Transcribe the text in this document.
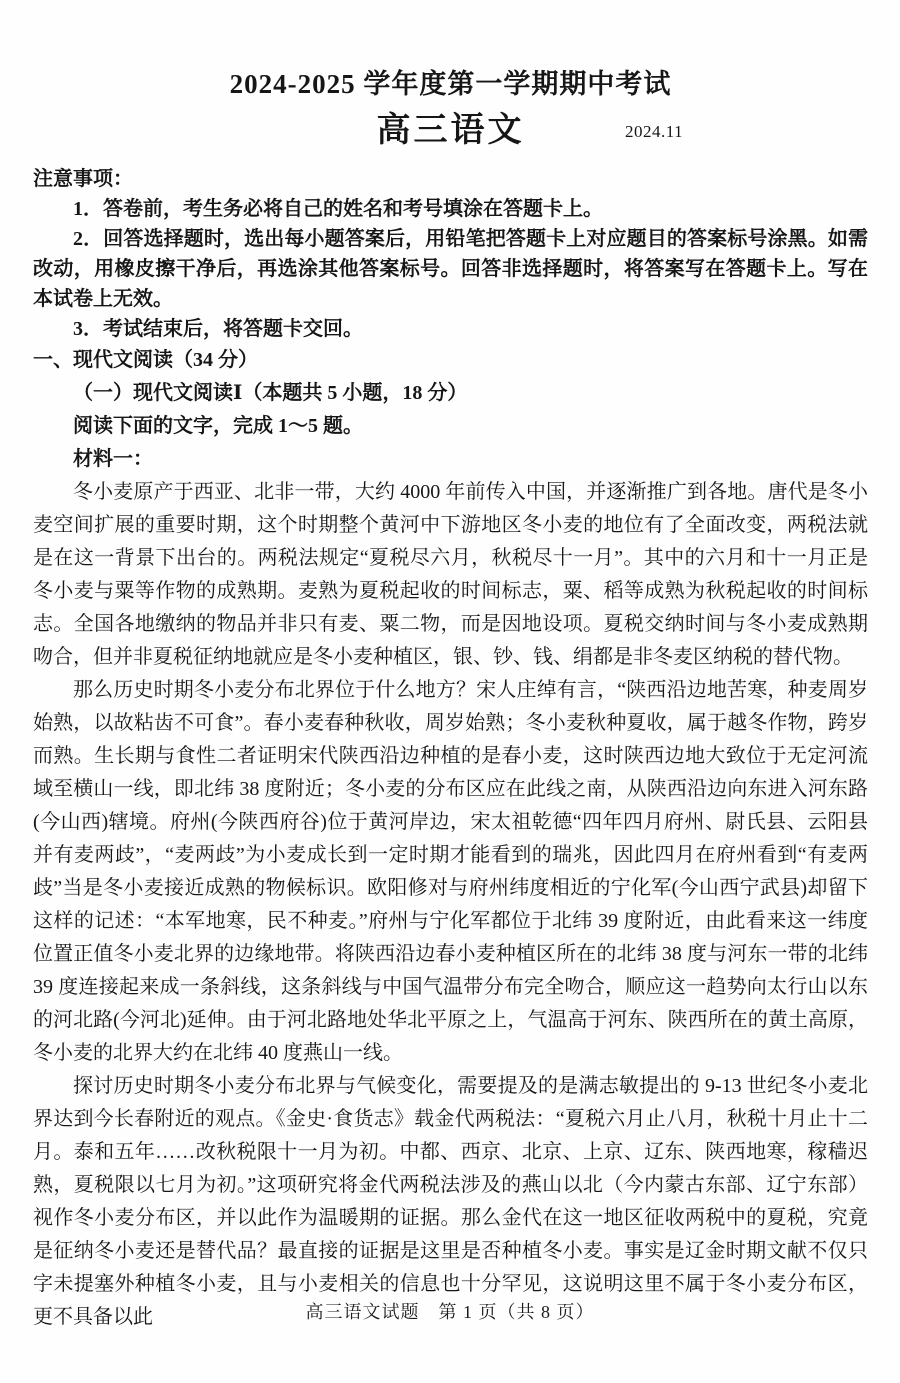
2024-2025 学年度第一学期期中考试
高三语文	2024.11

注意事项：

1．答卷前，考生务必将自己的姓名和考号填涂在答题卡上。

2．回答选择题时，选出每小题答案后，用铅笔把答题卡上对应题目的答案标号涂黑。如需改动，用橡皮擦干净后，再选涂其他答案标号。回答非选择题时，将答案写在答题卡上。写在本试卷上无效。

3．考试结束后，将答题卡交回。

一、现代文阅读（34 分）

（一）现代文阅读Ⅰ（本题共 5 小题，18 分）

阅读下面的文字，完成 1～5 题。

材料一：

冬小麦原产于西亚、北非一带，大约 4000 年前传入中国，并逐渐推广到各地。唐代是冬小麦空间扩展的重要时期，这个时期整个黄河中下游地区冬小麦的地位有了全面改变，两税法就是在这一背景下出台的。两税法规定“夏税尽六月，秋税尽十一月”。其中的六月和十一月正是冬小麦与粟等作物的成熟期。麦熟为夏税起收的时间标志，粟、稻等成熟为秋税起收的时间标志。全国各地缴纳的物品并非只有麦、粟二物，而是因地设项。夏税交纳时间与冬小麦成熟期吻合，但并非夏税征纳地就应是冬小麦种植区，银、钞、钱、绢都是非冬麦区纳税的替代物。

那么历史时期冬小麦分布北界位于什么地方？宋人庄绰有言，“陕西沿边地苦寒，种麦周岁始熟，以故粘齿不可食”。春小麦春种秋收，周岁始熟；冬小麦秋种夏收，属于越冬作物，跨岁而熟。生长期与食性二者证明宋代陕西沿边种植的是春小麦，这时陕西边地大致位于无定河流域至横山一线，即北纬 38 度附近；冬小麦的分布区应在此线之南，从陕西沿边向东进入河东路(今山西)辖境。府州(今陕西府谷)位于黄河岸边，宋太祖乾德“四年四月府州、尉氏县、云阳县并有麦两歧”，“麦两歧”为小麦成长到一定时期才能看到的瑞兆，因此四月在府州看到“有麦两歧”当是冬小麦接近成熟的物候标识。欧阳修对与府州纬度相近的宁化军(今山西宁武县)却留下这样的记述：“本军地寒，民不种麦。”府州与宁化军都位于北纬 39 度附近，由此看来这一纬度位置正值冬小麦北界的边缘地带。将陕西沿边春小麦种植区所在的北纬 38 度与河东一带的北纬 39 度连接起来成一条斜线，这条斜线与中国气温带分布完全吻合，顺应这一趋势向太行山以东的河北路(今河北)延伸。由于河北路地处华北平原之上，气温高于河东、陕西所在的黄土高原，冬小麦的北界大约在北纬 40 度燕山一线。

探讨历史时期冬小麦分布北界与气候变化，需要提及的是满志敏提出的 9-13 世纪冬小麦北界达到今长春附近的观点。《金史·食货志》载金代两税法：“夏税六月止八月，秋税十月止十二月。泰和五年……改秋税限十一月为初。中都、西京、北京、上京、辽东、陕西地寒，稼穑迟熟，夏税限以七月为初。”这项研究将金代两税法涉及的燕山以北（今内蒙古东部、辽宁东部）视作冬小麦分布区，并以此作为温暖期的证据。那么金代在这一地区征收两税中的夏税，究竟是征纳冬小麦还是替代品？最直接的证据是这里是否种植冬小麦。事实是辽金时期文献不仅只字未提塞外种植冬小麦，且与小麦相关的信息也十分罕见，这说明这里不属于冬小麦分布区，更不具备以此	高三语文试题　第 1 页（共 8 页）
